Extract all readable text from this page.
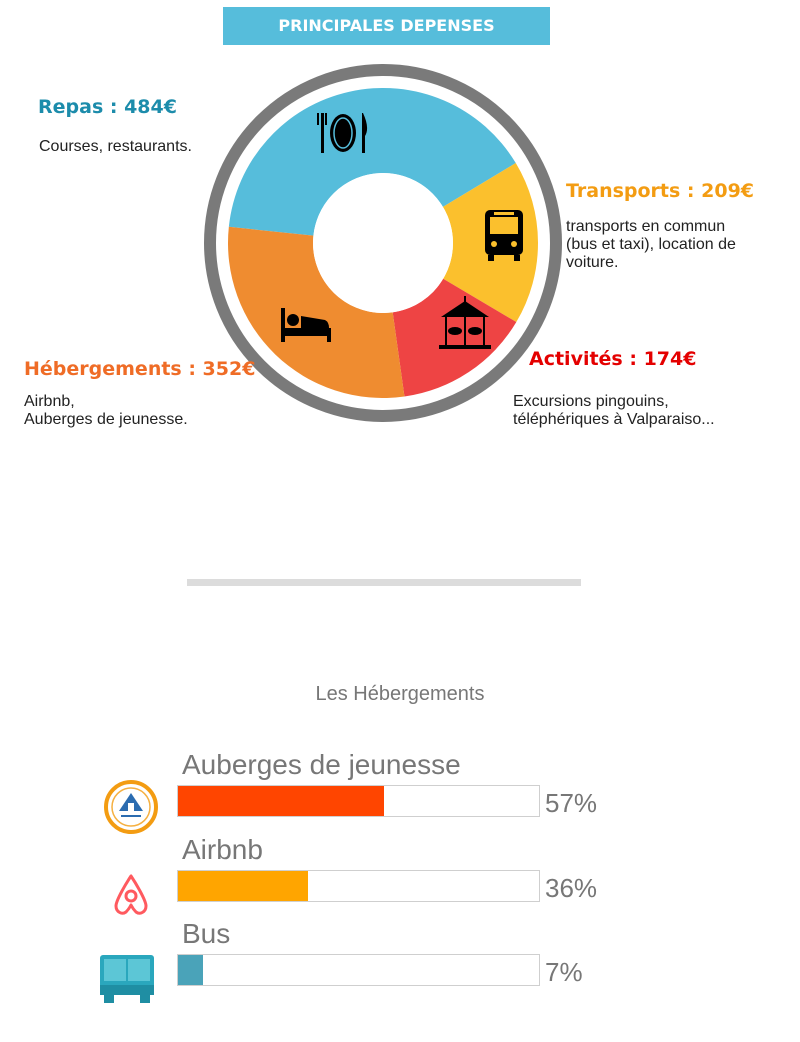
PRINCIPALES DEPENSES
Repas : 484€
Courses, restaurants.
Transports : 209€
transports en commun
(bus et taxi), location de
voiture.
Activités : 174€
Excursions pingouins,
téléphériques à Valparaiso...
Hébergements : 352€
Airbnb,
Auberges de jeunesse.
Les Hébergements
Auberges de jeunesse
57%
Airbnb
36%
Bus
7%
